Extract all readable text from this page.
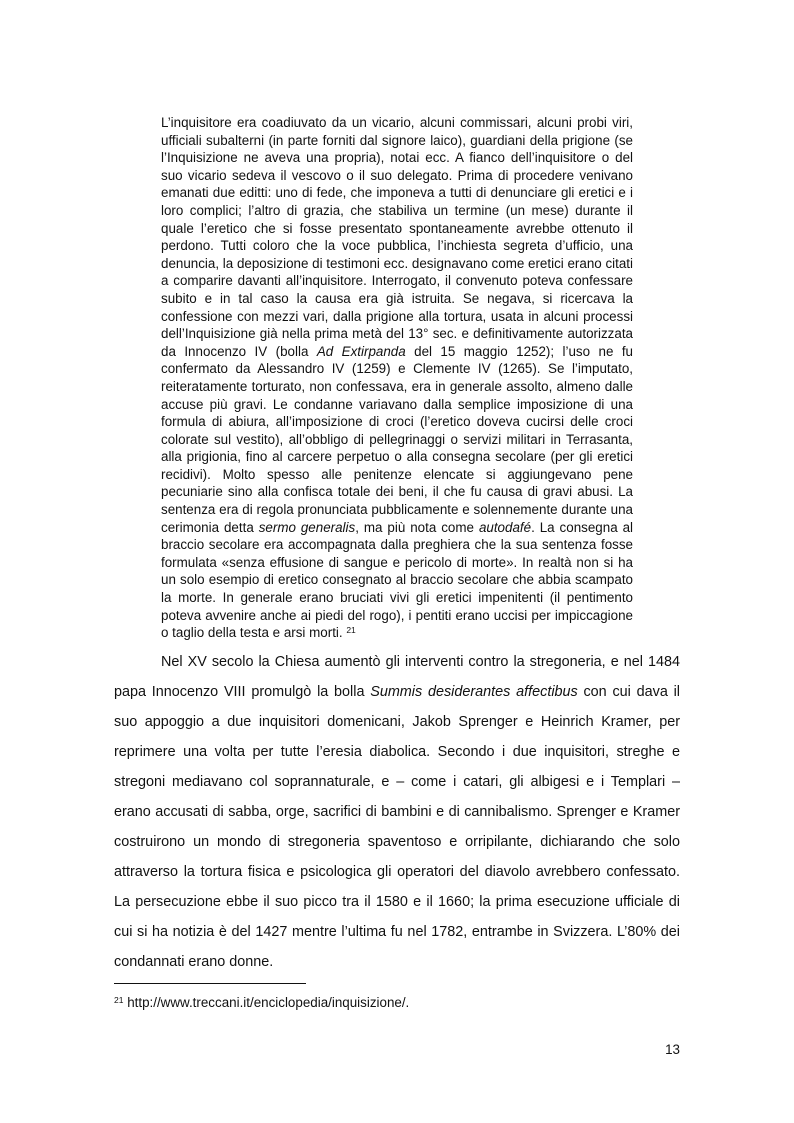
L’inquisitore era coadiuvato da un vicario, alcuni commissari, alcuni probi viri, ufficiali subalterni (in parte forniti dal signore laico), guardiani della prigione (se l’Inquisizione ne aveva una propria), notai ecc. A fianco dell’inquisitore o del suo vicario sedeva il vescovo o il suo delegato. Prima di procedere venivano emanati due editti: uno di fede, che imponeva a tutti di denunciare gli eretici e i loro complici; l’altro di grazia, che stabiliva un termine (un mese) durante il quale l’eretico che si fosse presentato spontaneamente avrebbe ottenuto il perdono. Tutti coloro che la voce pubblica, l’inchiesta segreta d’ufficio, una denuncia, la deposizione di testimoni ecc. designavano come eretici erano citati a comparire davanti all’inquisitore. Interrogato, il convenuto poteva confessare subito e in tal caso la causa era già istruita. Se negava, si ricercava la confessione con mezzi vari, dalla prigione alla tortura, usata in alcuni processi dell’Inquisizione già nella prima metà del 13° sec. e definitivamente autorizzata da Innocenzo IV (bolla Ad Extirpanda del 15 maggio 1252); l’uso ne fu confermato da Alessandro IV (1259) e Clemente IV (1265). Se l’imputato, reiteratamente torturato, non confessava, era in generale assolto, almeno dalle accuse più gravi. Le condanne variavano dalla semplice imposizione di una formula di abiura, all’imposizione di croci (l’eretico doveva cucirsi delle croci colorate sul vestito), all’obbligo di pellegrinaggi o servizi militari in Terrasanta, alla prigionia, fino al carcere perpetuo o alla consegna secolare (per gli eretici recidivi). Molto spesso alle penitenze elencate si aggiungevano pene pecuniarie sino alla confisca totale dei beni, il che fu causa di gravi abusi. La sentenza era di regola pronunciata pubblicamente e solennemente durante una cerimonia detta sermo generalis, ma più nota come autodafé. La consegna al braccio secolare era accompagnata dalla preghiera che la sua sentenza fosse formulata «senza effusione di sangue e pericolo di morte». In realtà non si ha un solo esempio di eretico consegnato al braccio secolare che abbia scampato la morte. In generale erano bruciati vivi gli eretici impenitenti (il pentimento poteva avvenire anche ai piedi del rogo), i pentiti erano uccisi per impiccagione o taglio della testa e arsi morti. $^{21}$

Nel XV secolo la Chiesa aumentò gli interventi contro la stregoneria, e nel 1484 papa Innocenzo VIII promulgò la bolla Summis desiderantes affectibus con cui dava il suo appoggio a due inquisitori domenicani, Jakob Sprenger e Heinrich Kramer, per reprimere una volta per tutte l’eresia diabolica. Secondo i due inquisitori, streghe e stregoni mediavano col soprannaturale, e – come i catari, gli albigesi e i Templari – erano accusati di sabba, orge, sacrifici di bambini e di cannibalismo. Sprenger e Kramer costruirono un mondo di stregoneria spaventoso e orripilante, dichiarando che solo attraverso la tortura fisica e psicologica gli operatori del diavolo avrebbero confessato. La persecuzione ebbe il suo picco tra il 1580 e il 1660; la prima esecuzione ufficiale di cui si ha notizia è del 1427 mentre l’ultima fu nel 1782, entrambe in Svizzera. L’80% dei condannati erano donne.

$^{21}$ http://www.treccani.it/enciclopedia/inquisizione/.

13
